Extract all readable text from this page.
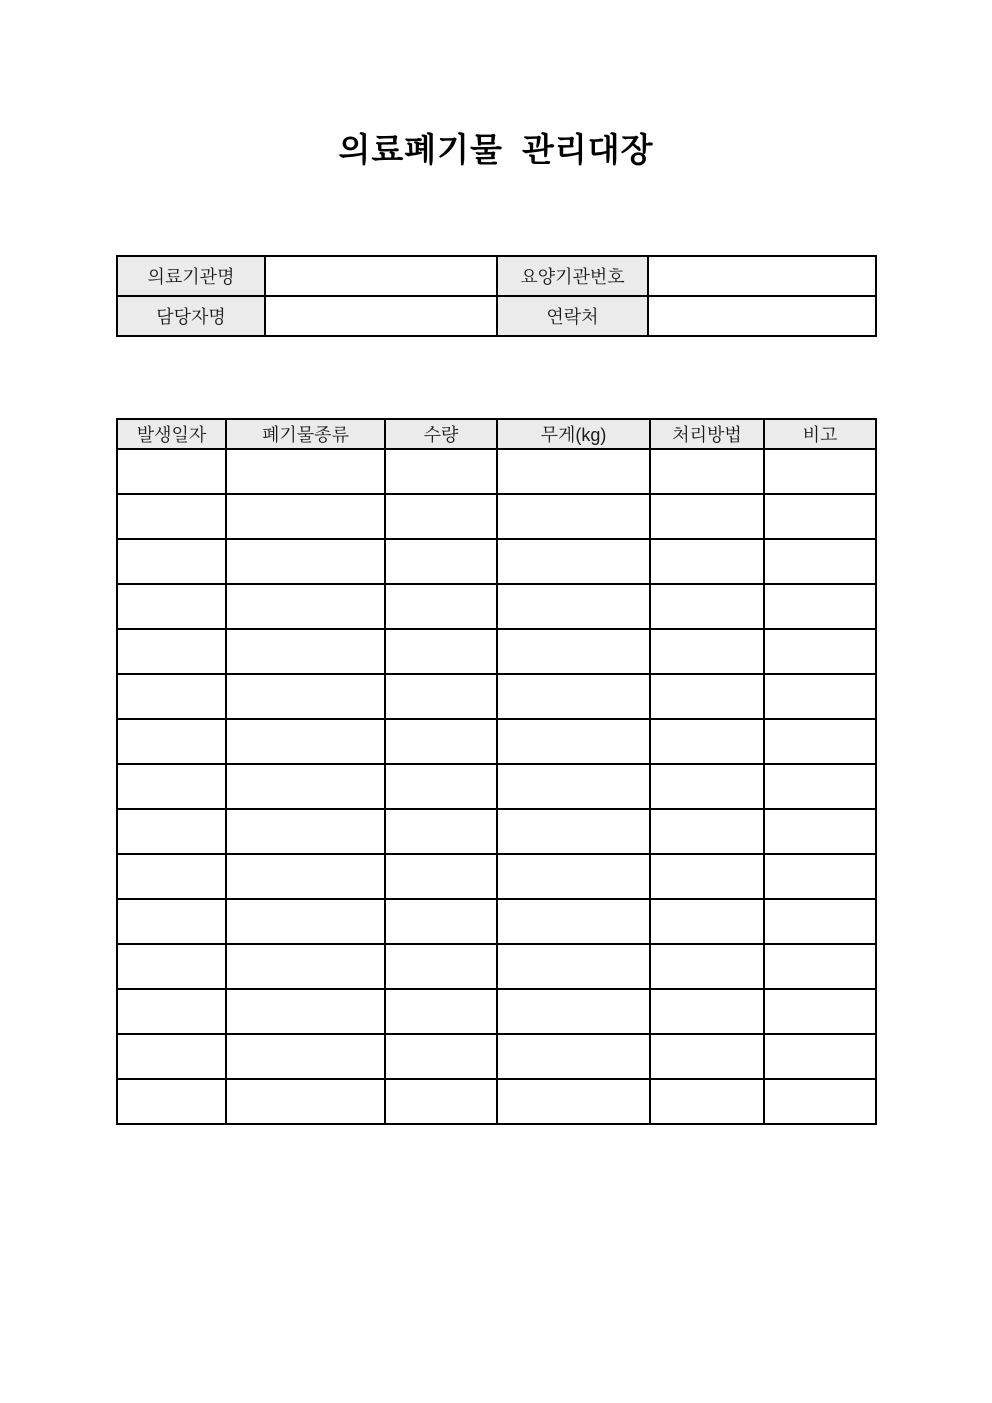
의료폐기물 관리대장
의료기관명		요양기관번호	
담당자명		연락처	
발생일자	폐기물종류	수량	무게(kg)	처리방법	비고
